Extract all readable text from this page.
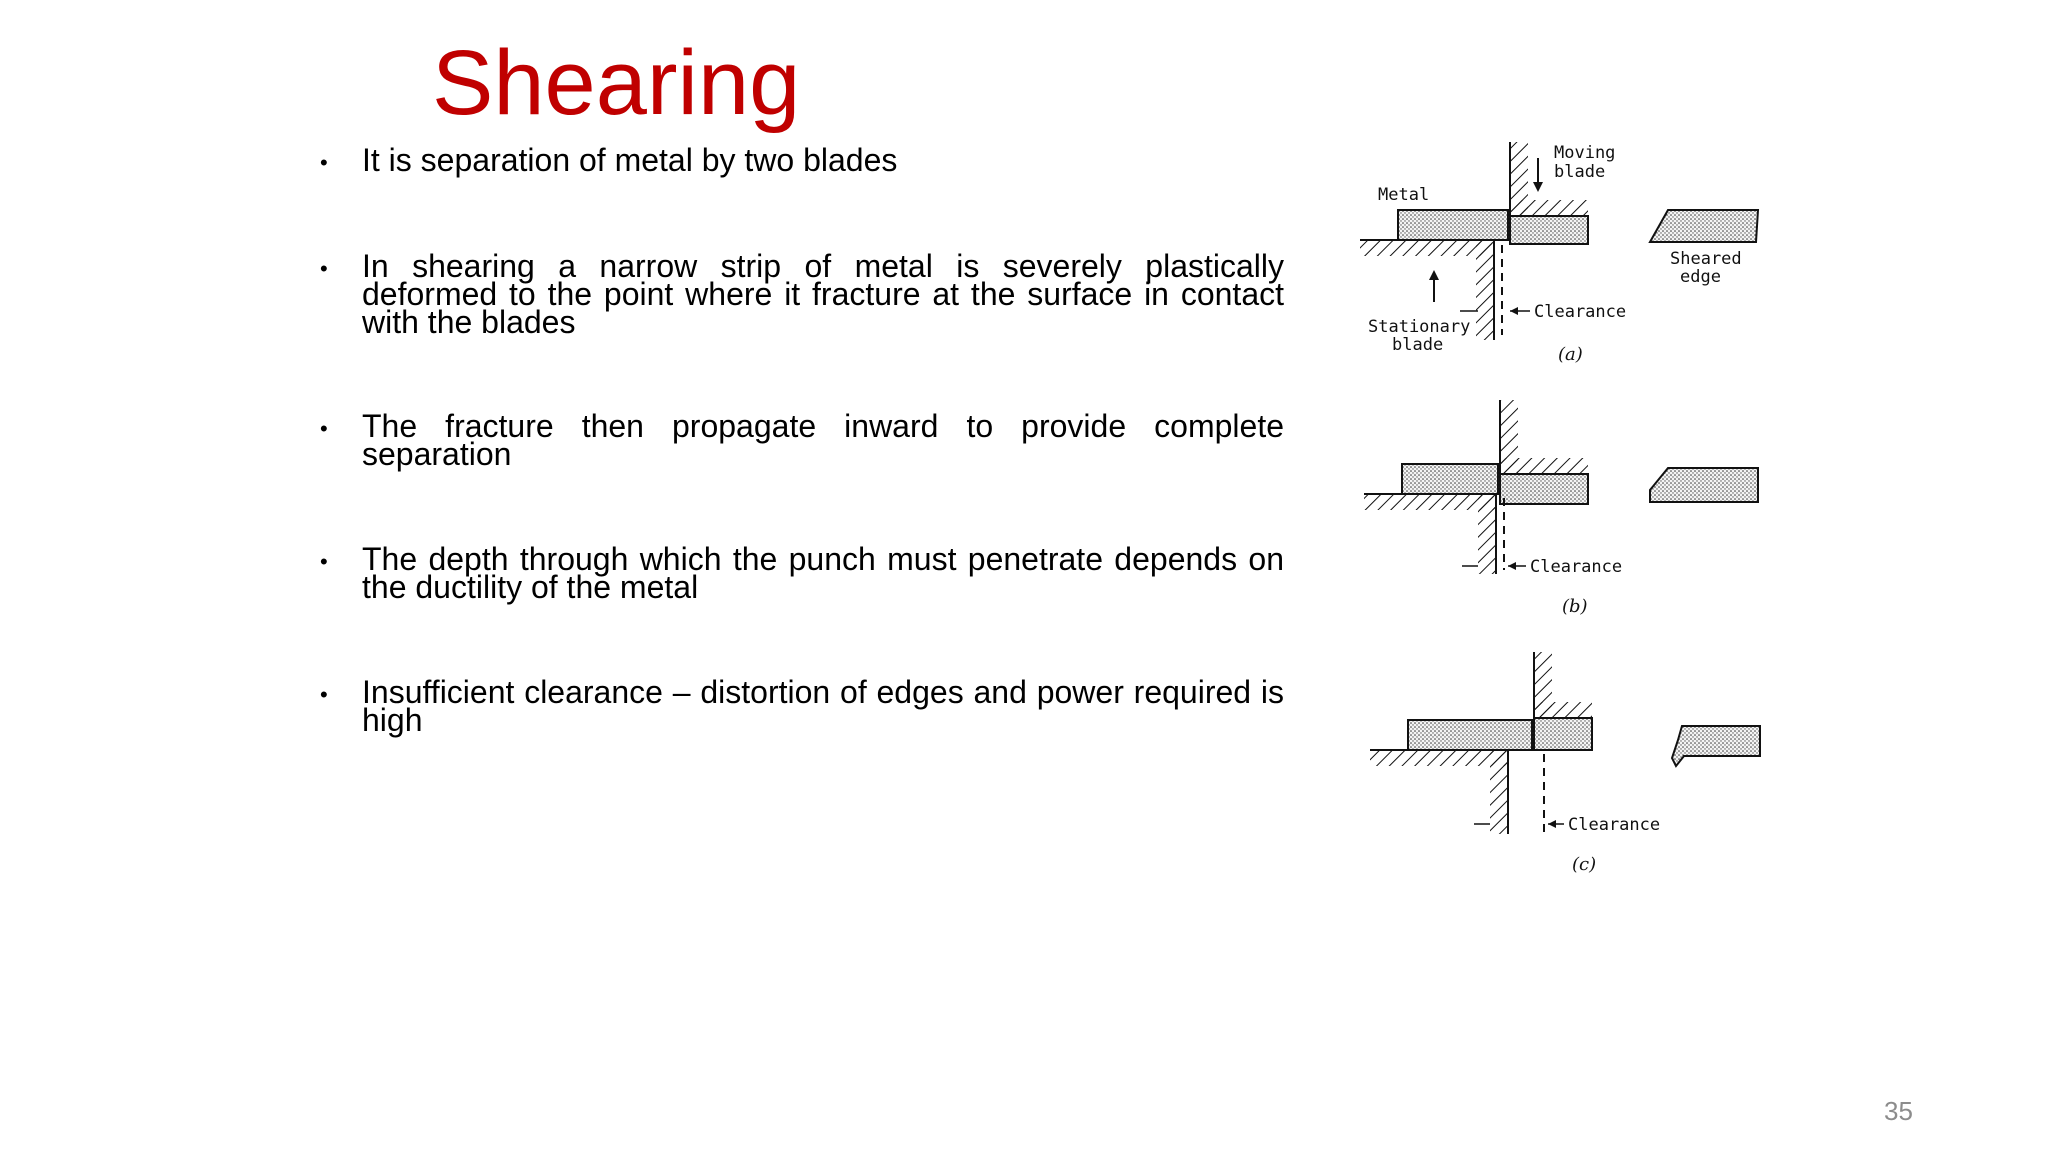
Shearing
•	It is separation of metal by two blades
•	In shearing a narrow strip of metal is severely plastically deformed to the point where it fracture at the surface in contact with the blades
•	The fracture then propagate inward to provide complete separation
•	The depth through which the punch must penetrate depends on the ductility of the metal
•	Insufficient clearance – distortion of edges and power required is high
Moving
blade
Metal
Stationary
blade
Clearance
(a)
Sheared
edge
Clearance
(b)
Clearance
(c)
35
